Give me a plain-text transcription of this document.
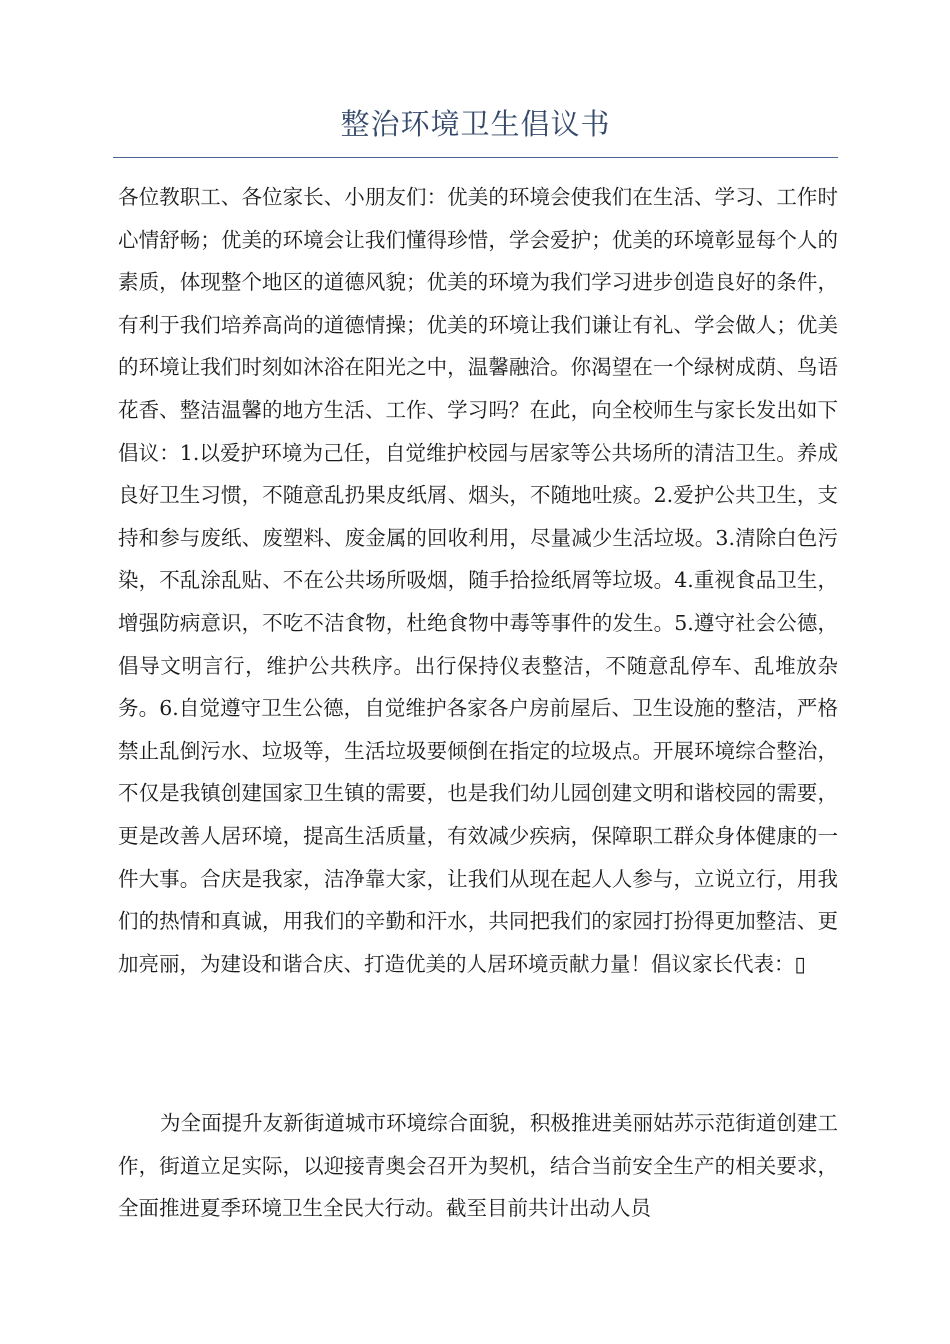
整治环境卫生倡议书

各位教职工、各位家长、小朋友们：优美的环境会使我们在生活、学习、工作时心情舒畅；优美的环境会让我们懂得珍惜，学会爱护；优美的环境彰显每个人的素质，体现整个地区的道德风貌；优美的环境为我们学习进步创造良好的条件，有利于我们培养高尚的道德情操；优美的环境让我们谦让有礼、学会做人；优美的环境让我们时刻如沐浴在阳光之中，温馨融洽。你渴望在一个绿树成荫、鸟语花香、整洁温馨的地方生活、工作、学习吗？在此，向全校师生与家长发出如下倡议：1.以爱护环境为己任，自觉维护校园与居家等公共场所的清洁卫生。养成良好卫生习惯，不随意乱扔果皮纸屑、烟头，不随地吐痰。2.爱护公共卫生，支持和参与废纸、废塑料、废金属的回收利用，尽量减少生活垃圾。3.清除白色污染，不乱涂乱贴、不在公共场所吸烟，随手拾捡纸屑等垃圾。4.重视食品卫生，增强防病意识，不吃不洁食物，杜绝食物中毒等事件的发生。5.遵守社会公德，倡导文明言行，维护公共秩序。出行保持仪表整洁，不随意乱停车、乱堆放杂务。6.自觉遵守卫生公德，自觉维护各家各户房前屋后、卫生设施的整洁，严格禁止乱倒污水、垃圾等，生活垃圾要倾倒在指定的垃圾点。开展环境综合整治，不仅是我镇创建国家卫生镇的需要，也是我们幼儿园创建文明和谐校园的需要，更是改善人居环境，提高生活质量，有效减少疾病，保障职工群众身体健康的一件大事。合庆是我家，洁净靠大家，让我们从现在起人人参与，立说立行，用我们的热情和真诚，用我们的辛勤和汗水，共同把我们的家园打扮得更加整洁、更加亮丽，为建设和谐合庆、打造优美的人居环境贡献力量！倡议家长代表：▯

为全面提升友新街道城市环境综合面貌，积极推进美丽姑苏示范街道创建工作，街道立足实际，以迎接青奥会召开为契机，结合当前安全生产的相关要求，全面推进夏季环境卫生全民大行动。截至目前共计出动人员
